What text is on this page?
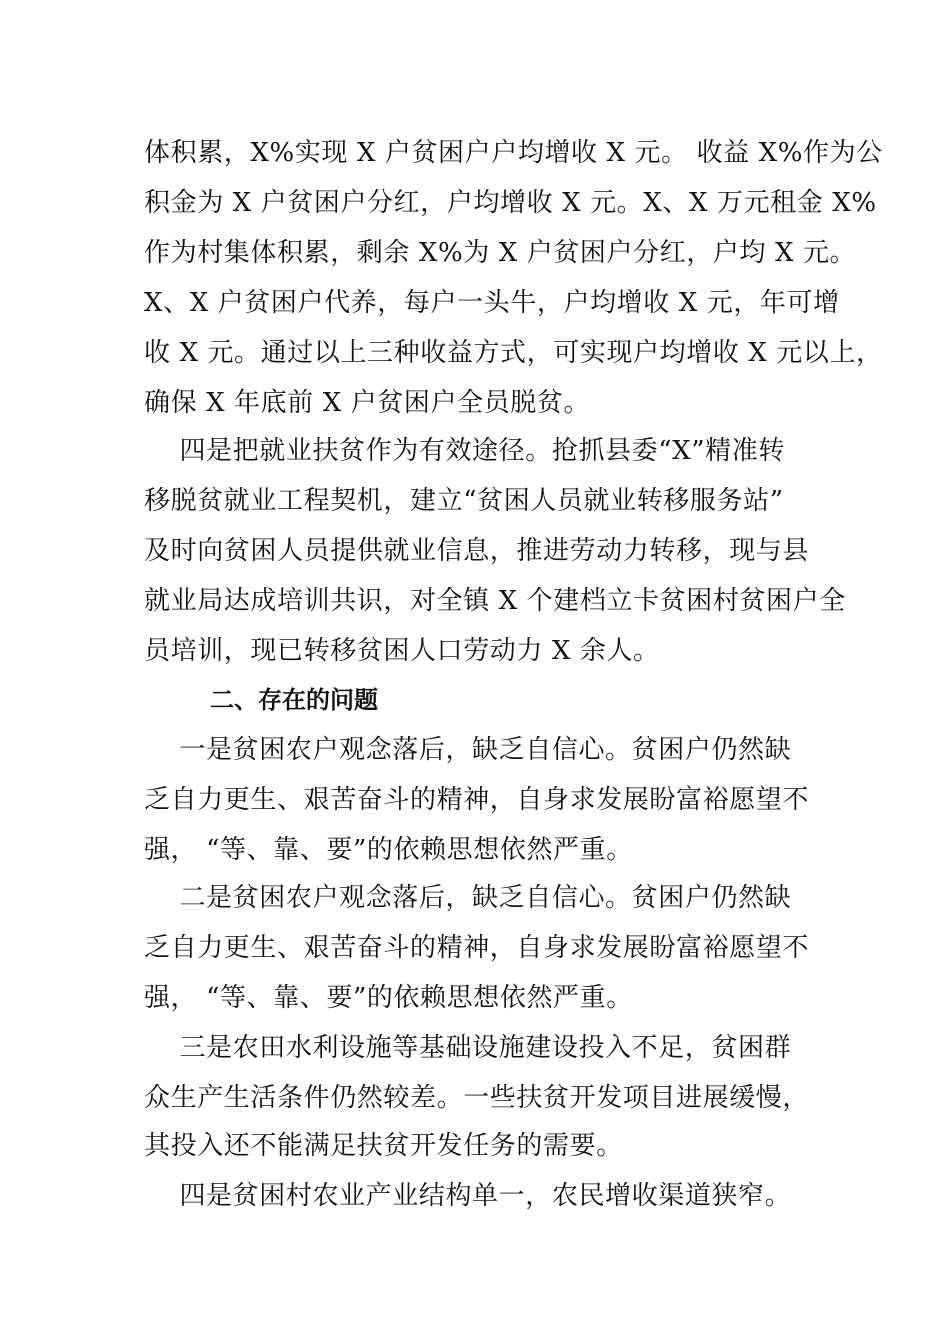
体积累，X%实现 X 户贫困户户均增收 X 元。 收益 X%作为公
积金为 X 户贫困户分红，户均增收 X 元。X、X 万元租金 X%
作为村集体积累，剩余 X%为 X 户贫困户分红，户均 X 元。
X、X 户贫困户代养，每户一头牛，户均增收 X 元，年可增
收 X 元。通过以上三种收益方式，可实现户均增收 X 元以上，
确保 X 年底前 X 户贫困户全员脱贫。
四是把就业扶贫作为有效途径。抢抓县委“X”精准转
移脱贫就业工程契机，建立“贫困人员就业转移服务站”
及时向贫困人员提供就业信息，推进劳动力转移，现与县
就业局达成培训共识，对全镇 X 个建档立卡贫困村贫困户全
员培训，现已转移贫困人口劳动力 X 余人。
二、存在的问题
一是贫困农户观念落后，缺乏自信心。贫困户仍然缺
乏自力更生、艰苦奋斗的精神，自身求发展盼富裕愿望不
强， “等、靠、要”的依赖思想依然严重。
二是贫困农户观念落后，缺乏自信心。贫困户仍然缺
乏自力更生、艰苦奋斗的精神，自身求发展盼富裕愿望不
强， “等、靠、要”的依赖思想依然严重。
三是农田水利设施等基础设施建设投入不足，贫困群
众生产生活条件仍然较差。一些扶贫开发项目进展缓慢，
其投入还不能满足扶贫开发任务的需要。
四是贫困村农业产业结构单一，农民增收渠道狭窄。
